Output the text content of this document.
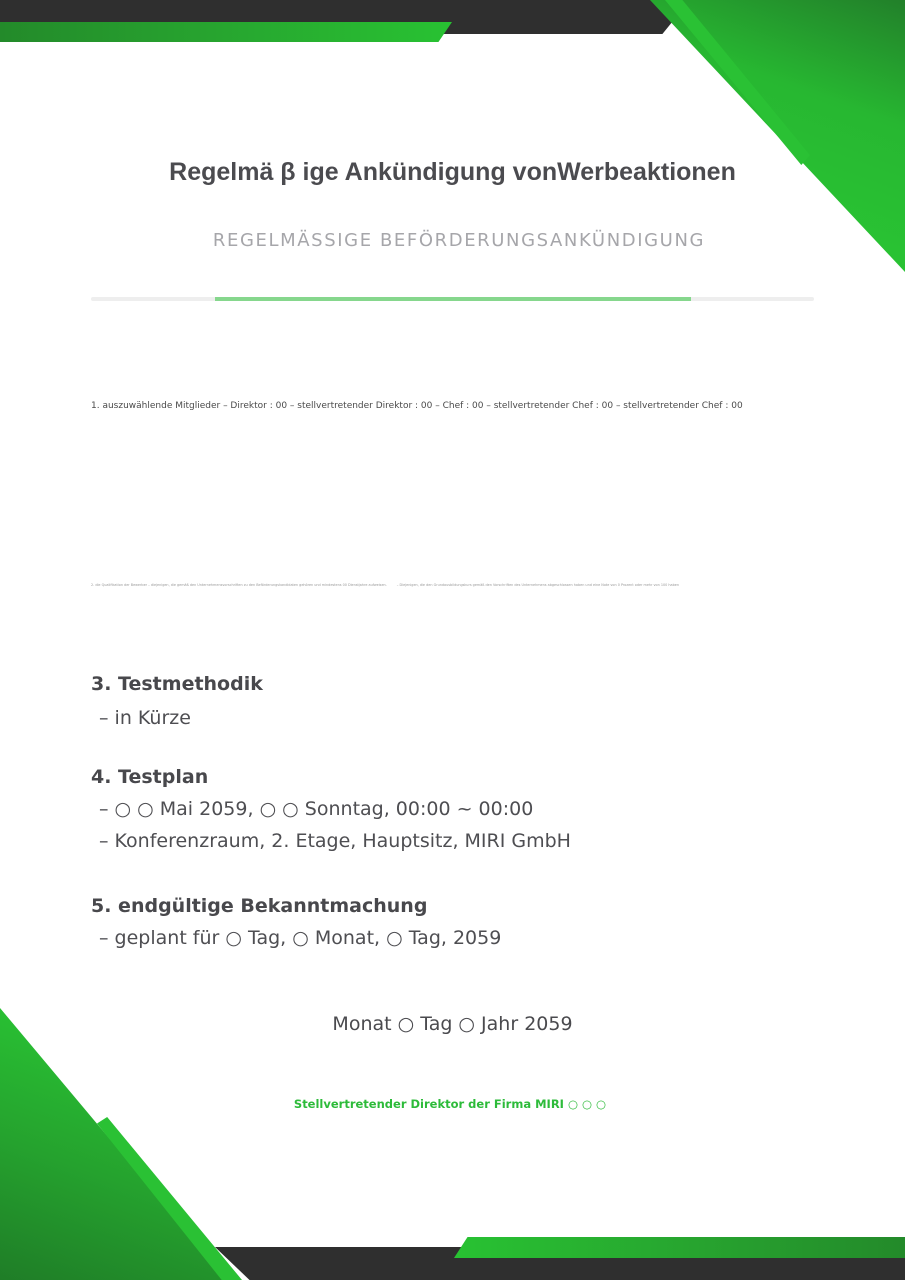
Regelmä β ige Ankündigung vonWerbeaktionen
REGELMÄSSIGE BEFÖRDERUNGSANKÜNDIGUNG
1. auszuwählende Mitglieder – Direktor : 00 – stellvertretender Direktor : 00 – Chef : 00 – stellvertretender Chef : 00 – stellvertretender Chef : 00
2. die Qualifikation der Bewerber – diejenigen, die gemäß den Unternehmensvorschriften zu den Beförderungskandidaten gehören und mindestens 00 Dienstjahre aufweisen.	– Diejenigen, die den Grundausbildungskurs gemäß den Vorschriften des Unternehmens abgeschlossen haben und eine Note von 0 Prozent oder mehr von 100 haben
3. Testmethodik
– in Kürze
4. Testplan
– ○ ○ Mai 2059, ○ ○ Sonntag, 00:00 ~ 00:00
– Konferenzraum, 2. Etage, Hauptsitz, MIRI GmbH
5. endgültige Bekanntmachung
– geplant für ○ Tag, ○ Monat, ○ Tag, 2059
Monat ○ Tag ○ Jahr 2059
Stellvertretender Direktor der Firma MIRI ○ ○ ○
